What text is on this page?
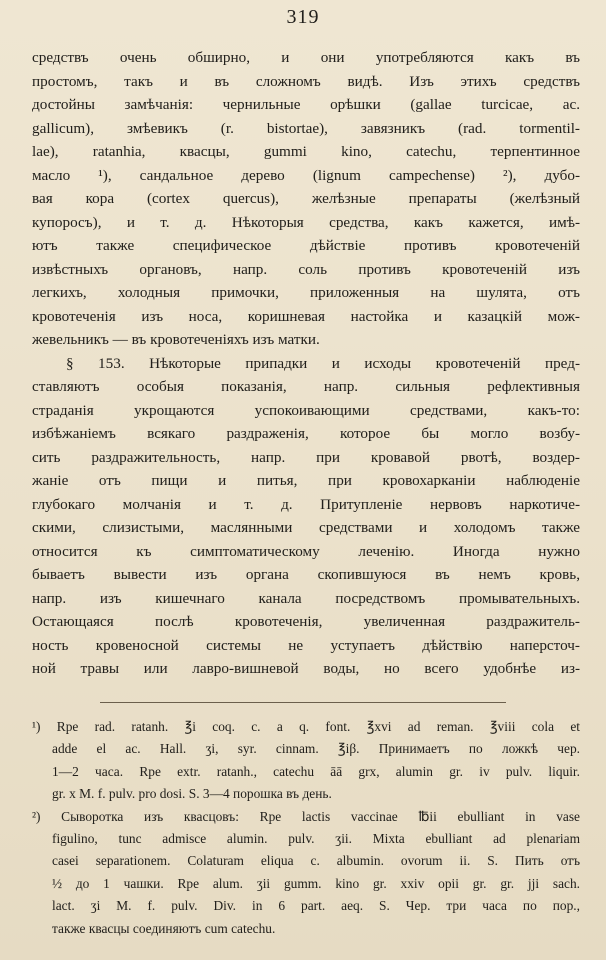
319
средствъ очень обширно, и они употребляются какъ въ
простомъ, такъ и въ сложномъ видѣ. Изъ этихъ средствъ
достойны замѣчанія: чернильные орѣшки (gallae turcicae, ac.
gallicum), змѣевикъ (r. bistortae), завязникъ (rad. tormentil-
lae), ratanhia, квасцы, gummi kino, catechu, терпентинное
масло ¹), сандальное дерево (lignum campechense) ²), дубо-
вая кора (cortex quercus), желѣзные препараты (желѣзный
купоросъ), и т. д. Нѣкоторыя средства, какъ кажется, имѣ-
ютъ также специфическое дѣйствіе противъ кровотеченій
извѣстныхъ органовъ, напр. соль противъ кровотеченій изъ
легкихъ, холодныя примочки, приложенныя на шулята, отъ
кровотеченія изъ носа, коришневая настойка и казацкій мож-
жевельникъ — въ кровотеченіяхъ изъ матки.
§ 153. Нѣкоторые припадки и исходы кровотеченій пред-
ставляютъ особыя показанія, напр. сильныя рефлективныя
страданія укрощаются успокоивающими средствами, какъ-то:
избѣжаніемъ всякаго раздраженія, которое бы могло возбу-
сить раздражительность, напр. при кровавой рвотѣ, воздер-
жаніе отъ пищи и питья, при кровохарканіи наблюденіе
глубокаго молчанія и т. д. Притупленіе нервовъ наркотиче-
скими, слизистыми, маслянными средствами и холодомъ также
относится къ симптоматическому леченію. Иногда нужно
бываетъ вывести изъ органа скопившуюся въ немъ кровь,
напр. изъ кишечнаго канала посредствомъ промывательныхъ.
Остающаяся послѣ кровотеченія, увеличенная раздражитель-
ность кровеносной системы не уступаетъ дѣйствію наперсточ-
ной травы или лавро-вишневой воды, но всего удобнѣе из-
¹) Rpe rad. ratanh. ℥i coq. c. a q. font. ℥xvi ad reman. ℥viii cola et
adde el ac. Hall. ʒi, syr. cinnam. ℥iβ. Принимаетъ по ложкѣ чер.
1—2 часа. Rpe extr. ratanh., catechu āā grx, alumin gr. iv pulv. liquir.
gr. x M. f. pulv. pro dosi. S. 3—4 порошка въ день.
²) Сыворотка изъ квасцовъ: Rpe lactis vaccinae ℔ii ebulliant in vase
figulino, tunc admisce alumin. pulv. ʒii. Mixta ebulliant ad plenariam
casei separationem. Colaturam eliqua c. albumin. ovorum ii. S. Пить отъ
½ до 1 чашки. Rpe alum. ʒii gumm. kino gr. xxiv opii gr. gr. jji sach.
lact. ʒi M. f. pulv. Div. in 6 part. aeq. S. Чер. три часа по пор.,
также квасцы соединяютъ cum catechu.
